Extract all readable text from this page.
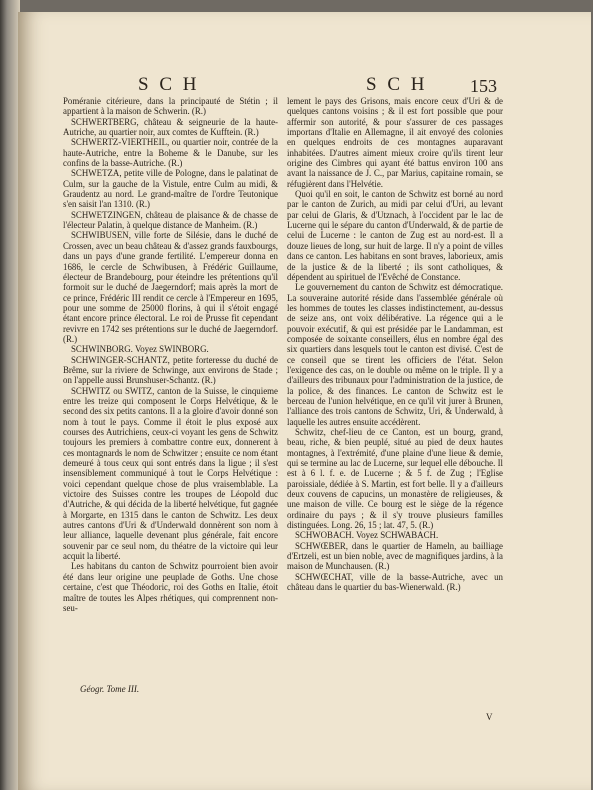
S C H	S C H 153

Poméranie citérieure, dans la principauté de Stétin ; il appartient à la maison de Schwerin. (R.)

SCHWERTBERG, château & seigneurie de la haute-Autriche, au quartier noir, aux comtes de Kufftein. (R.)

SCHWERTZ-VIERTHEIL, ou quartier noir, contrée de la haute-Autriche, entre la Boheme & le Danube, sur les confins de la basse-Autriche. (R.)

SCHWETZA, petite ville de Pologne, dans le palatinat de Culm, sur la gauche de la Vistule, entre Culm au midi, & Graudentz au nord. Le grand-maître de l'ordre Teutonique s'en saisit l'an 1310. (R.)

SCHWETZINGEN, château de plaisance & de chasse de l'électeur Palatin, à quelque distance de Manheim. (R.)

SCHWIBUSEN, ville forte de Silésie, dans le duché de Crossen, avec un beau château & d'assez grands fauxbourgs, dans un pays d'une grande fertilité. L'empereur donna en 1686, le cercle de Schwibusen, à Frédéric Guillaume, électeur de Brandebourg, pour éteindre les prétentions qu'il formoit sur le duché de Jaegerndorf; mais après la mort de ce prince, Frédéric III rendit ce cercle à l'Empereur en 1695, pour une somme de 25000 florins, à qui il s'étoit engagé étant encore prince électoral. Le roi de Prusse fit cependant revivre en 1742 ses prétentions sur le duché de Jaegerndorf. (R.)

SCHWINBORG. Voyez SWINBORG.

SCHWINGER-SCHANTZ, petite forteresse du duché de Brême, sur la riviere de Schwinge, aux environs de Stade ; on l'appelle aussi Brunshuser-Schantz. (R.)

SCHWITZ ou SWITZ, canton de la Suisse, le cinquieme entre les treize qui composent le Corps Helvétique, & le second des six petits cantons. Il a la gloire d'avoir donné son nom à tout le pays. Comme il étoit le plus exposé aux courses des Autrichiens, ceux-ci voyant les gens de Schwitz toujours les premiers à combattre contre eux, donnerent à ces montagnards le nom de Schwitzer ; ensuite ce nom étant demeuré à tous ceux qui sont entrés dans la ligue ; il s'est insensiblement communiqué à tout le Corps Helvétique : voici cependant quelque chose de plus vraisemblable. La victoire des Suisses contre les troupes de Léopold duc d'Autriche, & qui décida de la liberté helvétique, fut gagnée à Morgarte, en 1315 dans le canton de Schwitz. Les deux autres cantons d'Uri & d'Underwald donnèrent son nom à leur alliance, laquelle devenant plus générale, fait encore souvenir par ce seul nom, du théatre de la victoire qui leur acquit la liberté.

Les habitans du canton de Schwitz pourroient bien avoir été dans leur origine une peuplade de Goths. Une chose certaine, c'est que Théodoric, roi des Goths en Italie, étoit maître de toutes les Alpes rhétiques, qui comprennent non-seu-

lement le pays des Grisons, mais encore ceux d'Uri & de quelques cantons voisins ; & il est fort possible que pour affermir son autorité, & pour s'assurer de ces passages importans d'Italie en Allemagne, il ait envoyé des colonies en quelques endroits de ces montagnes auparavant inhabitées. D'autres aiment mieux croire qu'ils tirent leur origine des Cimbres qui ayant été battus environ 100 ans avant la naissance de J. C., par Marius, capitaine romain, se réfugièrent dans l'Helvétie.

Quoi qu'il en soit, le canton de Schwitz est borné au nord par le canton de Zurich, au midi par celui d'Uri, au levant par celui de Glaris, & d'Utznach, à l'occident par le lac de Lucerne qui le sépare du canton d'Underwald, & de partie de celui de Lucerne : le canton de Zug est au nord-est. Il a douze lieues de long, sur huit de large. Il n'y a point de villes dans ce canton. Les habitans en sont braves, laborieux, amis de la justice & de la liberté ; ils sont catholiques, & dépendent au spirituel de l'Evêché de Constance.

Le gouvernement du canton de Schwitz est démocratique. La souveraine autorité réside dans l'assemblée générale où les hommes de toutes les classes indistinctement, au-dessus de seize ans, ont voix délibérative. La régence qui a le pouvoir exécutif, & qui est présidée par le Landamman, est composée de soixante conseillers, élus en nombre égal des six quartiers dans lesquels tout le canton est divisé. C'est de ce conseil que se tirent les officiers de l'état. Selon l'exigence des cas, on le double ou même on le triple. Il y a d'ailleurs des tribunaux pour l'administration de la justice, de la police, & des finances. Le canton de Schwitz est le berceau de l'union helvétique, en ce qu'il vit jurer à Brunen, l'alliance des trois cantons de Schwitz, Uri, & Underwald, à laquelle les autres ensuite accédèrent.

Schwitz, chef-lieu de ce Canton, est un bourg, grand, beau, riche, & bien peuplé, situé au pied de deux hautes montagnes, à l'extrémité, d'une plaine d'une lieue & demie, qui se termine au lac de Lucerne, sur lequel elle débouche. Il est à 6 l. f. e. de Lucerne ; & 5 f. de Zug ; l'Eglise paroissiale, dédiée à S. Martin, est fort belle. Il y a d'ailleurs deux couvens de capucins, un monastère de religieuses, & une maison de ville. Ce bourg est le siège de la régence ordinaire du pays ; & il s'y trouve plusieurs familles distinguées. Long. 26, 15 ; lat. 47, 5. (R.)

SCHWOBACH. Voyez SCHWABACH.

SCHWŒBER, dans le quartier de Hameln, au bailliage d'Ertzeli, est un bien noble, avec de magnifiques jardins, à la maison de Munchausen. (R.)

SCHWŒCHAT, ville de la basse-Autriche, avec un château dans le quartier du bas-Wienerwald. (R.)

Géogr. Tome III.
V
